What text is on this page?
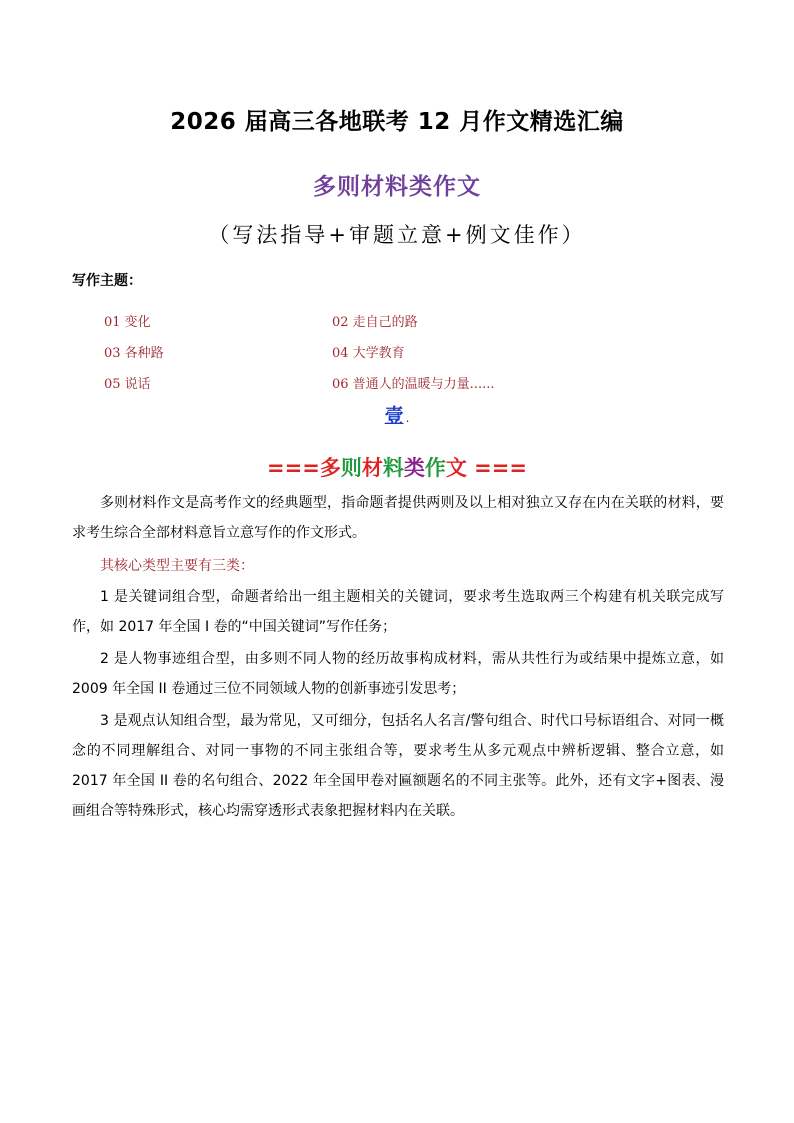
2026 届高三各地联考 12 月作文精选汇编
多则材料类作文
（写法指导+审题立意+例文佳作）
写作主题：
01 变化	02 走自己的路
03 各种路	04 大学教育
05 说话	06 普通人的温暖与力量......
壹 .
===多则材料类作文 ===

多则材料作文是高考作文的经典题型，指命题者提供两则及以上相对独立又存在内在关联的材料，要求考生综合全部材料意旨立意写作的作文形式。

其核心类型主要有三类：

1 是关键词组合型，命题者给出一组主题相关的关键词，要求考生选取两三个构建有机关联完成写作，如 2017 年全国 I 卷的“中国关键词”写作任务；

2 是人物事迹组合型，由多则不同人物的经历故事构成材料，需从共性行为或结果中提炼立意，如 2009 年全国 II 卷通过三位不同领域人物的创新事迹引发思考；

3 是观点认知组合型，最为常见，又可细分，包括名人名言/警句组合、时代口号标语组合、对同一概念的不同理解组合、对同一事物的不同主张组合等，要求考生从多元观点中辨析逻辑、整合立意，如 2017 年全国 II 卷的名句组合、2022 年全国甲卷对匾额题名的不同主张等。此外，还有文字+图表、漫画组合等特殊形式，核心均需穿透形式表象把握材料内在关联。
